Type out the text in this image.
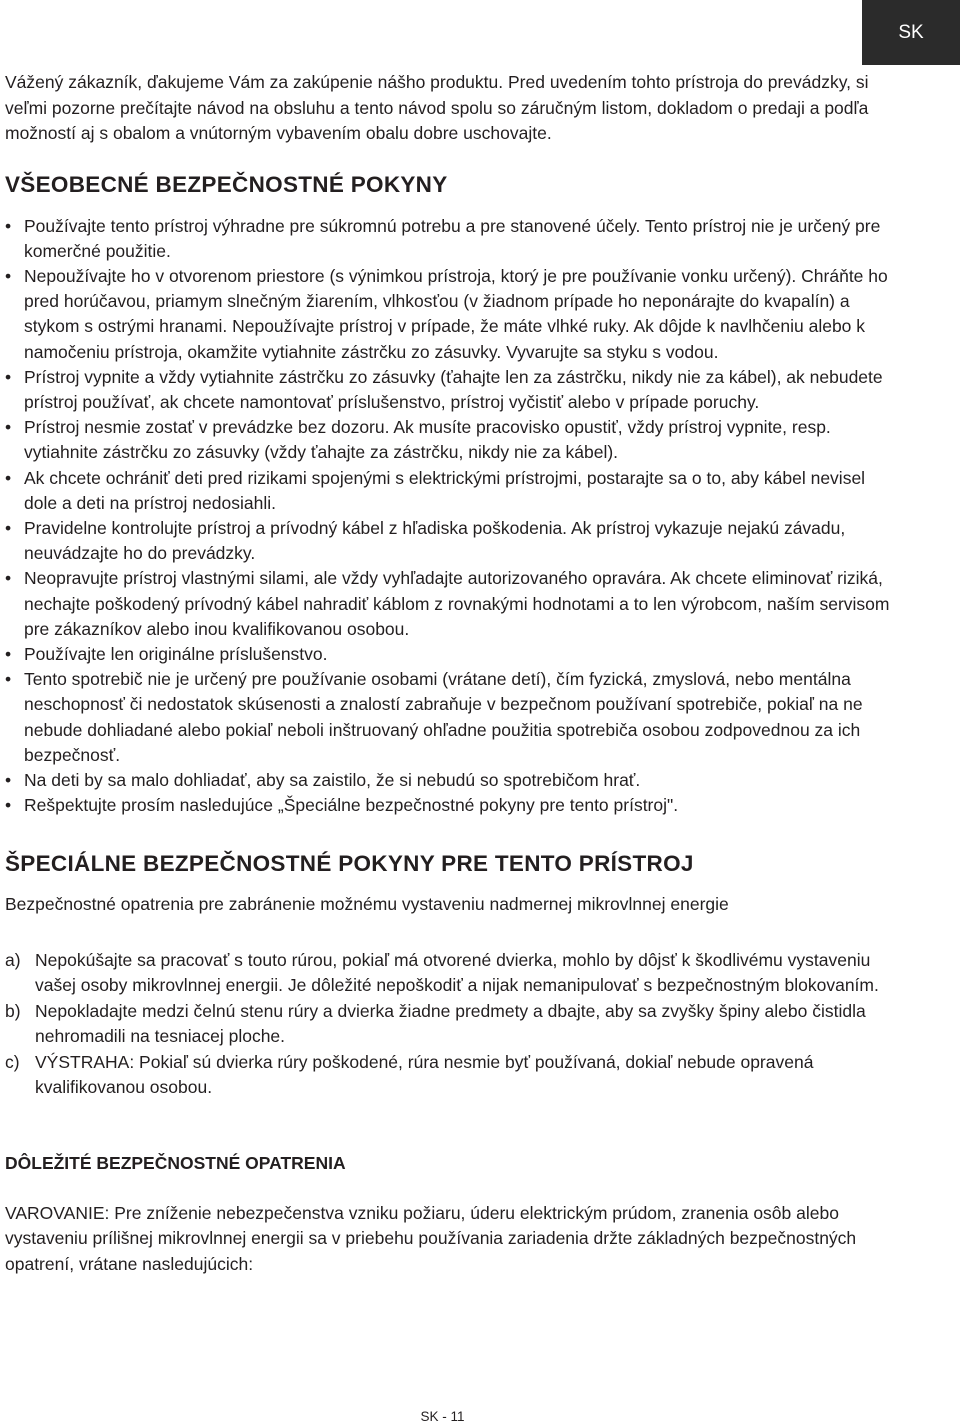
SK

Vážený zákazník, ďakujeme Vám za zakúpenie nášho produktu. Pred uvedením tohto prístroja do prevádzky, si veľmi pozorne prečítajte návod na obsluhu a tento návod spolu so záručným listom, dokladom o predaji a podľa možností aj s obalom a vnútorným vybavením obalu dobre uschovajte.

VŠEOBECNÉ BEZPEČNOSTNÉ POKYNY
• Používajte tento prístroj výhradne pre súkromnú potrebu a pre stanovené účely. Tento prístroj nie je určený pre komerčné použitie.
• Nepoužívajte ho v otvorenom priestore (s výnimkou prístroja, ktorý je pre používanie vonku určený). Chráňte ho pred horúčavou, priamym slnečným žiarením, vlhkosťou (v žiadnom prípade ho neponárajte do kvapalín) a stykom s ostrými hranami. Nepoužívajte prístroj v prípade, že máte vlhké ruky. Ak dôjde k navlhčeniu alebo k namočeniu prístroja, okamžite vytiahnite zástrčku zo zásuvky. Vyvarujte sa styku s vodou.
• Prístroj vypnite a vždy vytiahnite zástrčku zo zásuvky (ťahajte len za zástrčku, nikdy nie za kábel), ak nebudete prístroj používať, ak chcete namontovať príslušenstvo, prístroj vyčistiť alebo v prípade poruchy.
• Prístroj nesmie zostať v prevádzke bez dozoru. Ak musíte pracovisko opustiť, vždy prístroj vypnite, resp. vytiahnite zástrčku zo zásuvky (vždy ťahajte za zástrčku, nikdy nie za kábel).
• Ak chcete ochrániť deti pred rizikami spojenými s elektrickými prístrojmi, postarajte sa o to, aby kábel nevisel dole a deti na prístroj nedosiahli.
• Pravidelne kontrolujte prístroj a prívodný kábel z hľadiska poškodenia. Ak prístroj vykazuje nejakú závadu, neuvádzajte ho do prevádzky.
• Neopravujte prístroj vlastnými silami, ale vždy vyhľadajte autorizovaného opravára. Ak chcete eliminovať riziká, nechajte poškodený prívodný kábel nahradiť káblom z rovnakými hodnotami a to len výrobcom, naším servisom pre zákazníkov alebo inou kvalifikovanou osobou.
• Používajte len originálne príslušenstvo.
• Tento spotrebič nie je určený pre používanie osobami (vrátane detí), čím fyzická, zmyslová, nebo mentálna neschopnosť či nedostatok skúsenosti a znalostí zabraňuje v bezpečnom používaní spotrebiče, pokiaľ na ne nebude dohliadané alebo pokiaľ neboli inštruovaný ohľadne použitia spotrebiča osobou zodpovednou za ich bezpečnosť.
• Na deti by sa malo dohliadať, aby sa zaistilo, že si nebudú so spotrebičom hrať.
• Rešpektujte prosím nasledujúce „Špeciálne bezpečnostné pokyny pre tento prístroj".
ŠPECIÁLNE BEZPEČNOSTNÉ POKYNY PRE TENTO PRÍSTROJ

Bezpečnostné opatrenia pre zabránenie možnému vystaveniu nadmernej mikrovlnnej energie

a) Nepokúšajte sa pracovať s touto rúrou, pokiaľ má otvorené dvierka, mohlo by dôjsť k škodlivému vystaveniu vašej osoby mikrovlnnej energii. Je dôležité nepoškodiť a nijak nemanipulovať s bezpečnostným blokovaním.
b) Nepokladajte medzi čelnú stenu rúry a dvierka žiadne predmety a dbajte, aby sa zvyšky špiny alebo čistidla nehromadili na tesniacej ploche.
c) VÝSTRAHA: Pokiaľ sú dvierka rúry poškodené, rúra nesmie byť používaná, dokiaľ nebude opravená kvalifikovanou osobou.
DÔLEŽITÉ BEZPEČNOSTNÉ OPATRENIA

VAROVANIE: Pre zníženie nebezpečenstva vzniku požiaru, úderu elektrickým prúdom, zranenia osôb alebo vystaveniu prílišnej mikrovlnnej energii sa v priebehu používania zariadenia držte základných bezpečnostných opatrení, vrátane nasledujúcich:

SK - 11
